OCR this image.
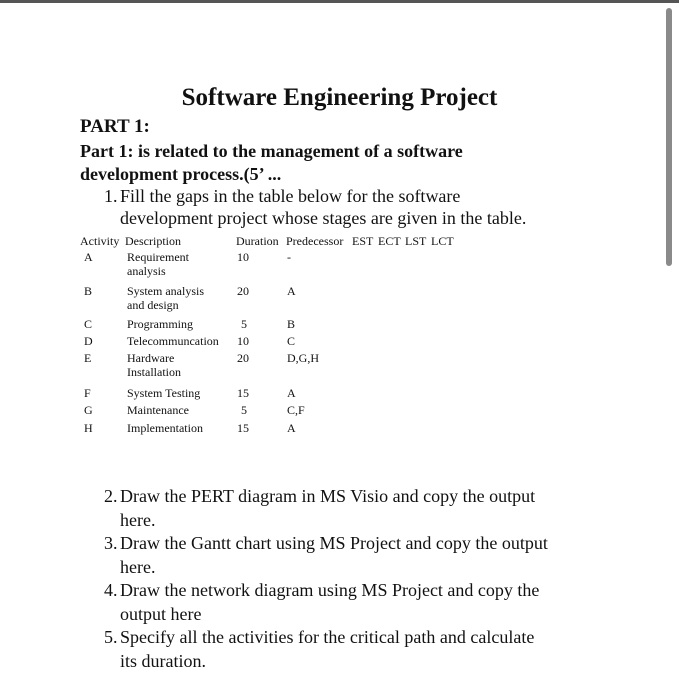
Software Engineering Project
PART 1:
Part 1: is related to the management of a software
development process.(5’ ...
1. Fill the gaps in the table below for the software
development project whose stages are given in the table.
Activity Description	Duration Predecessor EST ECT LST LCT
A	Requirement
analysis
10	-
B	System analysis
and design
20	A
C	Programming	5	B
D	Telecommuncation 10	C
E	Hardware
Installation
20	D,G,H
F	System Testing	15	A
G	Maintenance	5	C,F
H	Implementation	15	A
2. Draw the PERT diagram in MS Visio and copy the output
here.
3. Draw the Gantt chart using MS Project and copy the output
here.
4. Draw the network diagram using MS Project and copy the
output here
5. Specify all the activities for the critical path and calculate
its duration.
